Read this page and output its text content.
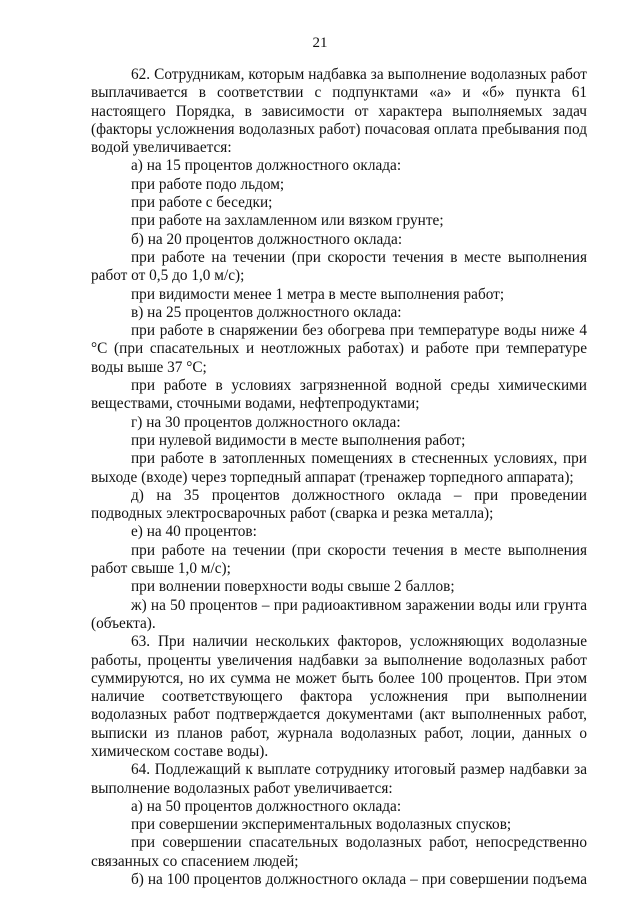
21

62. Сотрудникам, которым надбавка за выполнение водолазных работ выплачивается в соответствии с подпунктами «а» и «б» пункта 61 настоящего Порядка, в зависимости от характера выполняемых задач (факторы усложнения водолазных работ) почасовая оплата пребывания под водой увеличивается:

а) на 15 процентов должностного оклада:

при работе подо льдом;

при работе с беседки;

при работе на захламленном или вязком грунте;

б) на 20 процентов должностного оклада:

при работе на течении (при скорости течения в месте выполнения работ от 0,5 до 1,0 м/с);

при видимости менее 1 метра в месте выполнения работ;

в) на 25 процентов должностного оклада:

при работе в снаряжении без обогрева при температуре воды ниже 4 °С (при спасательных и неотложных работах) и работе при температуре воды выше 37 °С;

при работе в условиях загрязненной водной среды химическими веществами, сточными водами, нефтепродуктами;

г) на 30 процентов должностного оклада:

при нулевой видимости в месте выполнения работ;

при работе в затопленных помещениях в стесненных условиях, при выходе (входе) через торпедный аппарат (тренажер торпедного аппарата);

д) на 35 процентов должностного оклада – при проведении подводных электросварочных работ (сварка и резка металла);

е) на 40 процентов:

при работе на течении (при скорости течения в месте выполнения работ свыше 1,0 м/с);

при волнении поверхности воды свыше 2 баллов;

ж) на 50 процентов – при радиоактивном заражении воды или грунта (объекта).

63. При наличии нескольких факторов, усложняющих водолазные работы, проценты увеличения надбавки за выполнение водолазных работ суммируются, но их сумма не может быть более 100 процентов. При этом наличие соответствующего фактора усложнения при выполнении водолазных работ подтверждается документами (акт выполненных работ, выписки из планов работ, журнала водолазных работ, лоции, данных о химическом составе воды).

64. Подлежащий к выплате сотруднику итоговый размер надбавки за выполнение водолазных работ увеличивается:

а) на 50 процентов должностного оклада:

при совершении экспериментальных водолазных спусков;

при совершении спасательных водолазных работ, непосредственно связанных со спасением людей;

б) на 100 процентов должностного оклада – при совершении подъема
